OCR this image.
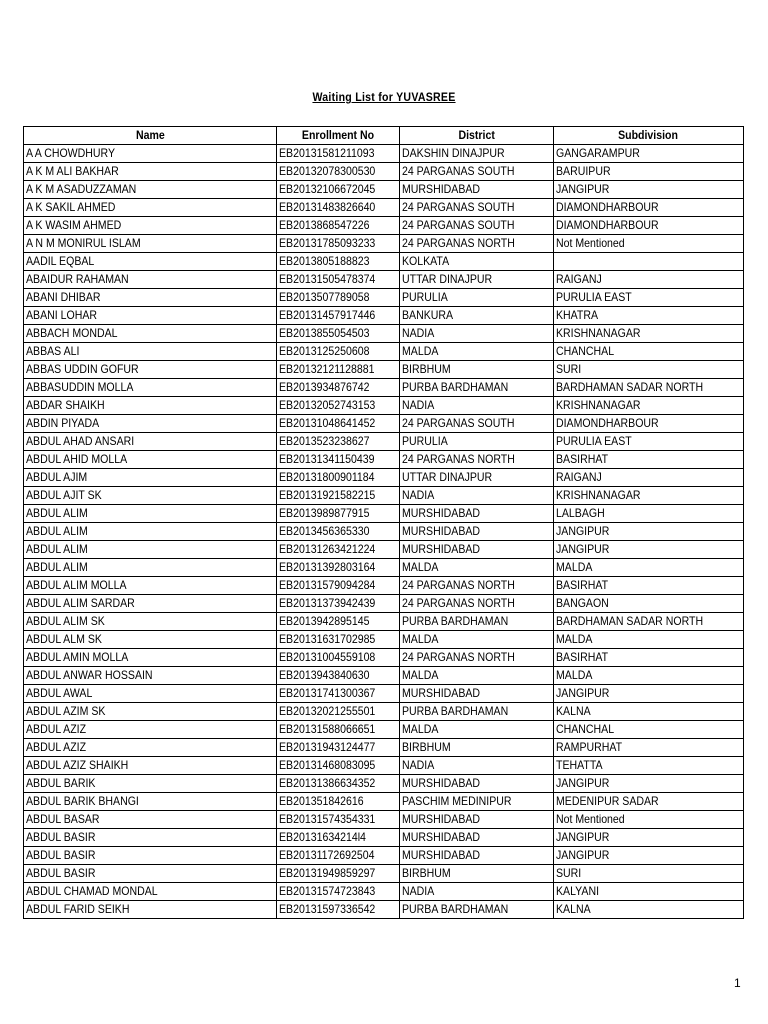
Waiting List for YUVASREE
Name	Enrollment No	District	Subdivision
A A CHOWDHURY	EB20131581211093	DAKSHIN DINAJPUR	GANGARAMPUR
A K M ALI BAKHAR	EB20132078300530	24 PARGANAS SOUTH	BARUIPUR
A K M ASADUZZAMAN	EB20132106672045	MURSHIDABAD	JANGIPUR
A K SAKIL AHMED	EB20131483826640	24 PARGANAS SOUTH	DIAMONDHARBOUR
A K WASIM AHMED	EB2013868547226	24 PARGANAS SOUTH	DIAMONDHARBOUR
A N M MONIRUL ISLAM	EB20131785093233	24 PARGANAS NORTH	Not Mentioned
AADIL EQBAL	EB2013805188823	KOLKATA	
ABAIDUR RAHAMAN	EB20131505478374	UTTAR DINAJPUR	RAIGANJ
ABANI DHIBAR	EB2013507789058	PURULIA	PURULIA EAST
ABANI LOHAR	EB20131457917446	BANKURA	KHATRA
ABBACH MONDAL	EB2013855054503	NADIA	KRISHNANAGAR
ABBAS ALI	EB2013125250608	MALDA	CHANCHAL
ABBAS UDDIN GOFUR	EB20132121128881	BIRBHUM	SURI
ABBASUDDIN MOLLA	EB2013934876742	PURBA BARDHAMAN	BARDHAMAN SADAR NORTH
ABDAR SHAIKH	EB20132052743153	NADIA	KRISHNANAGAR
ABDIN PIYADA	EB20131048641452	24 PARGANAS SOUTH	DIAMONDHARBOUR
ABDUL AHAD ANSARI	EB2013523238627	PURULIA	PURULIA EAST
ABDUL AHID MOLLA	EB20131341150439	24 PARGANAS NORTH	BASIRHAT
ABDUL AJIM	EB20131800901184	UTTAR DINAJPUR	RAIGANJ
ABDUL AJIT SK	EB20131921582215	NADIA	KRISHNANAGAR
ABDUL ALIM	EB2013989877915	MURSHIDABAD	LALBAGH
ABDUL ALIM	EB2013456365330	MURSHIDABAD	JANGIPUR
ABDUL ALIM	EB20131263421224	MURSHIDABAD	JANGIPUR
ABDUL ALIM	EB20131392803164	MALDA	MALDA
ABDUL ALIM MOLLA	EB20131579094284	24 PARGANAS NORTH	BASIRHAT
ABDUL ALIM SARDAR	EB20131373942439	24 PARGANAS NORTH	BANGAON
ABDUL ALIM SK	EB2013942895145	PURBA BARDHAMAN	BARDHAMAN SADAR NORTH
ABDUL ALM SK	EB20131631702985	MALDA	MALDA
ABDUL AMIN MOLLA	EB20131004559108	24 PARGANAS NORTH	BASIRHAT
ABDUL ANWAR HOSSAIN	EB2013943840630	MALDA	MALDA
ABDUL AWAL	EB20131741300367	MURSHIDABAD	JANGIPUR
ABDUL AZIM SK	EB20132021255501	PURBA BARDHAMAN	KALNA
ABDUL AZIZ	EB20131588066651	MALDA	CHANCHAL
ABDUL AZIZ	EB20131943124477	BIRBHUM	RAMPURHAT
ABDUL AZIZ SHAIKH	EB20131468083095	NADIA	TEHATTA
ABDUL BARIK	EB20131386634352	MURSHIDABAD	JANGIPUR
ABDUL BARIK BHANGI	EB201351842616	PASCHIM MEDINIPUR	MEDENIPUR SADAR
ABDUL BASAR	EB20131574354331	MURSHIDABAD	Not Mentioned
ABDUL BASIR	EB20131634214l4	MURSHIDABAD	JANGIPUR
ABDUL BASIR	EB20131172692504	MURSHIDABAD	JANGIPUR
ABDUL BASIR	EB20131949859297	BIRBHUM	SURI
ABDUL CHAMAD MONDAL	EB20131574723843	NADIA	KALYANI
ABDUL FARID SEIKH	EB20131597336542	PURBA BARDHAMAN	KALNA
1
